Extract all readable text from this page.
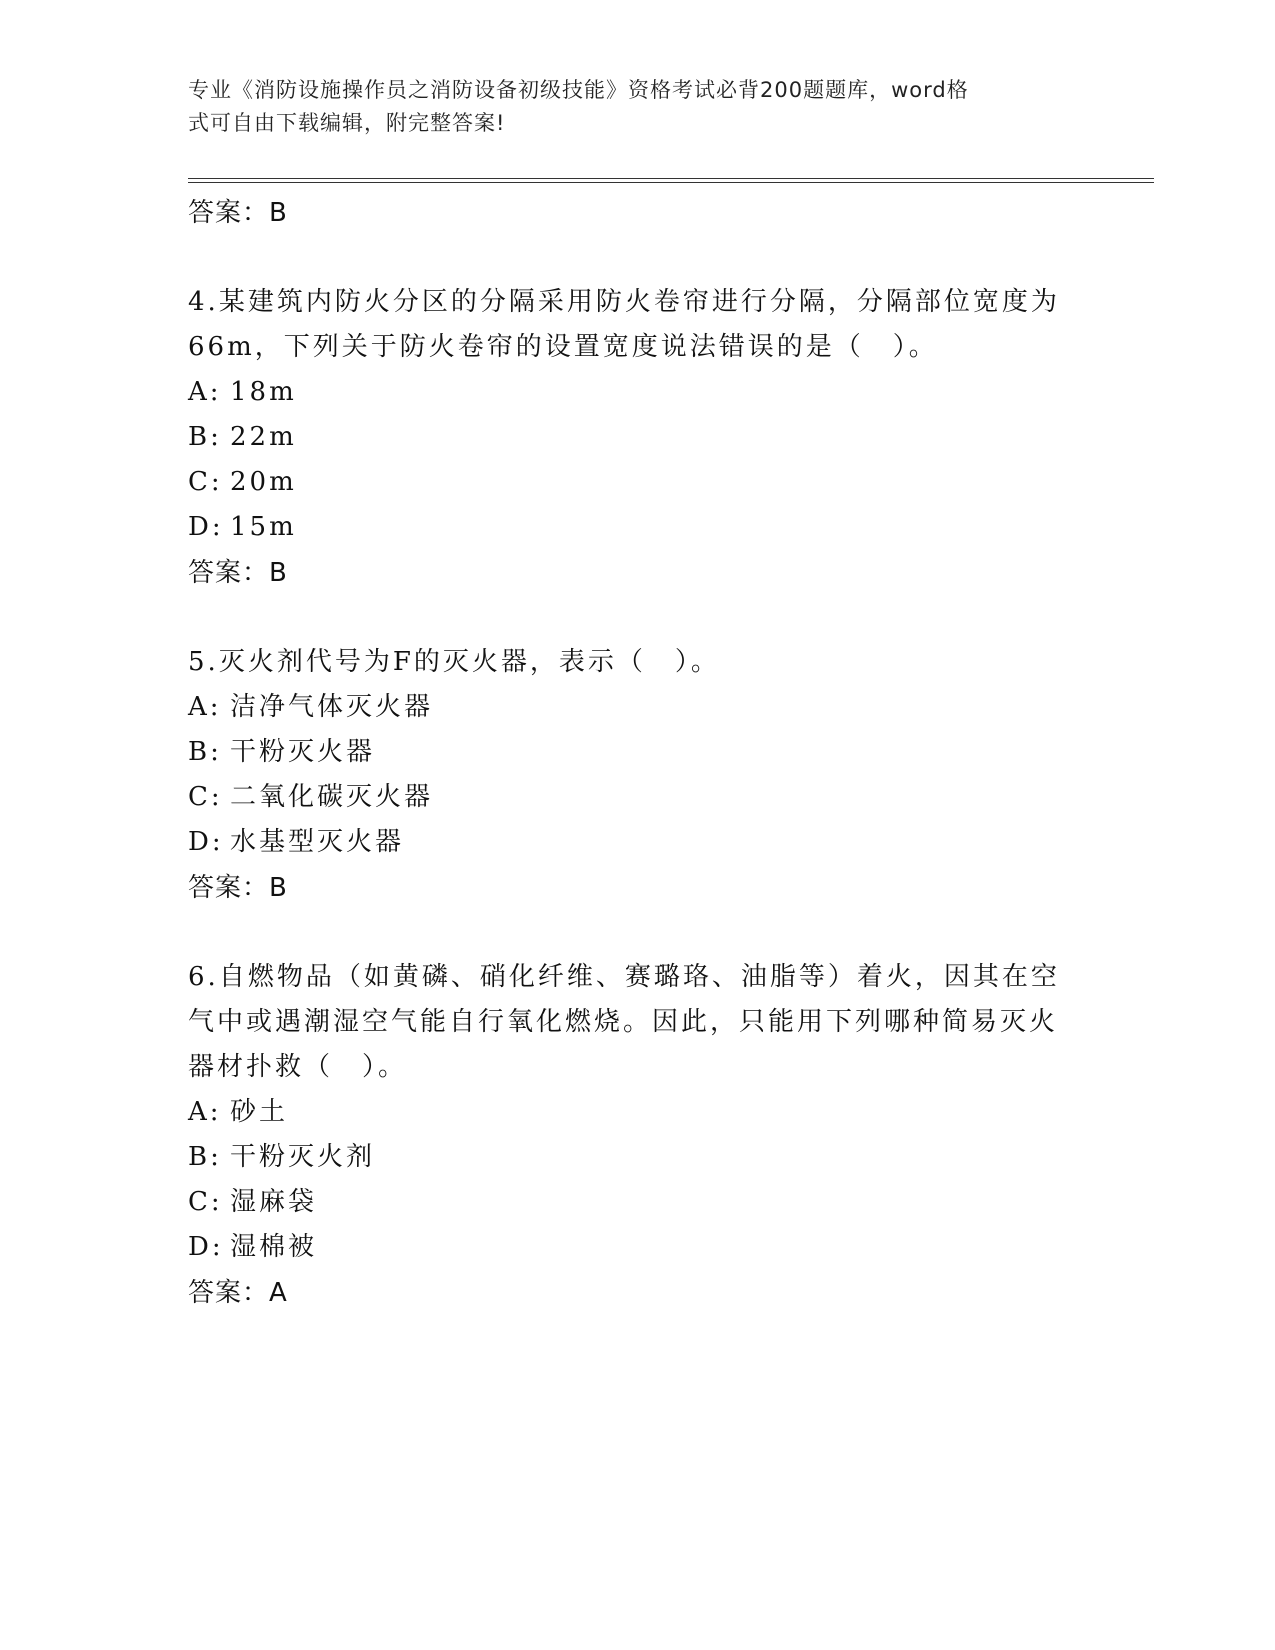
专业《消防设施操作员之消防设备初级技能》资格考试必背200题题库，word格
式可自由下载编辑，附完整答案!
答案：B
4.某建筑内防火分区的分隔采用防火卷帘进行分隔，分隔部位宽度为
66m，下列关于防火卷帘的设置宽度说法错误的是（　）。
A: 18m
B: 22m
C: 20m
D: 15m
答案：B
5.灭火剂代号为F的灭火器，表示（　）。
A: 洁净气体灭火器
B: 干粉灭火器
C: 二氧化碳灭火器
D: 水基型灭火器
答案：B
6.自燃物品（如黄磷、硝化纤维、赛璐珞、油脂等）着火，因其在空
气中或遇潮湿空气能自行氧化燃烧。因此，只能用下列哪种简易灭火
器材扑救（　）。
A: 砂土
B: 干粉灭火剂
C: 湿麻袋
D: 湿棉被
答案：A
